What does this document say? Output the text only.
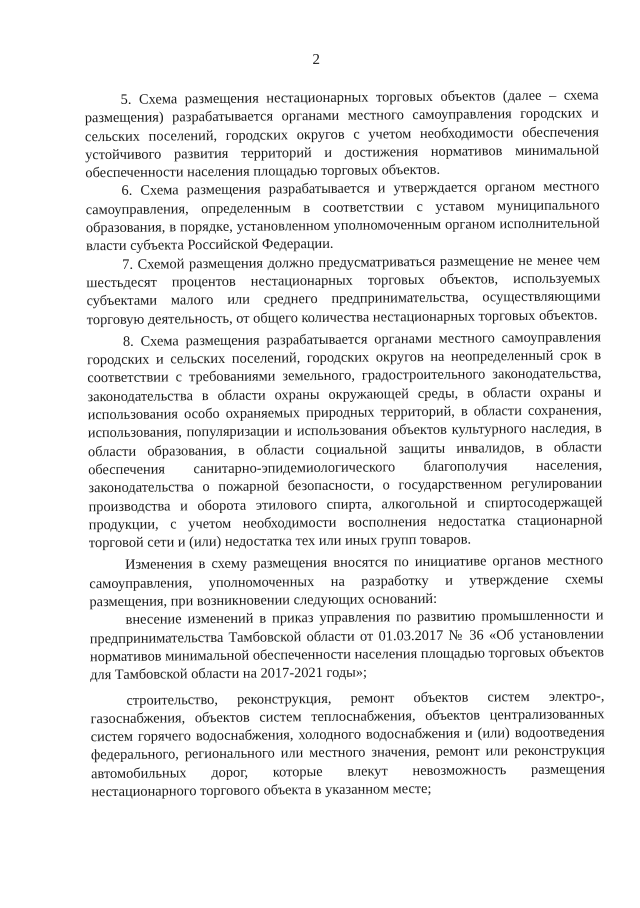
2

5. Схема размещения нестационарных торговых объектов (далее – схема размещения) разрабатывается органами местного самоуправления городских и сельских поселений, городских округов с учетом необходимости обеспечения устойчивого развития территорий и достижения нормативов минимальной обеспеченности населения площадью торговых объектов.

6. Схема размещения разрабатывается и утверждается органом местного самоуправления, определенным в соответствии с уставом муниципального образования, в порядке, установленном уполномоченным органом исполнительной власти субъекта Российской Федерации.

7. Схемой размещения должно предусматриваться размещение не менее чем шестьдесят процентов нестационарных торговых объектов, используемых субъектами малого или среднего предпринимательства, осуществляющими торговую деятельность, от общего количества нестационарных торговых объектов.

8. Схема размещения разрабатывается органами местного самоуправления городских и сельских поселений, городских округов на неопределенный срок в соответствии с требованиями земельного, градостроительного законодательства, законодательства в области охраны окружающей среды, в области охраны и использования особо охраняемых природных территорий, в области сохранения, использования, популяризации и использования объектов культурного наследия, в области образования, в области социальной защиты инвалидов, в области обеспечения санитарно-эпидемиологического благополучия населения, законодательства о пожарной безопасности, о государственном регулировании производства и оборота этилового спирта, алкогольной и спиртосодержащей продукции, с учетом необходимости восполнения недостатка стационарной торговой сети и (или) недостатка тех или иных групп товаров.

Изменения в схему размещения вносятся по инициативе органов местного самоуправления, уполномоченных на разработку и утверждение схемы размещения, при возникновении следующих оснований:

внесение изменений в приказ управления по развитию промышленности и предпринимательства Тамбовской области от 01.03.2017 № 36 «Об установлении нормативов минимальной обеспеченности населения площадью торговых объектов для Тамбовской области на 2017-2021 годы»;

строительство, реконструкция, ремонт объектов систем электро-, газоснабжения, объектов систем теплоснабжения, объектов централизованных систем горячего водоснабжения, холодного водоснабжения и (или) водоотведения федерального, регионального или местного значения, ремонт или реконструкция автомобильных дорог, которые влекут невозможность размещения нестационарного торгового объекта в указанном месте;
